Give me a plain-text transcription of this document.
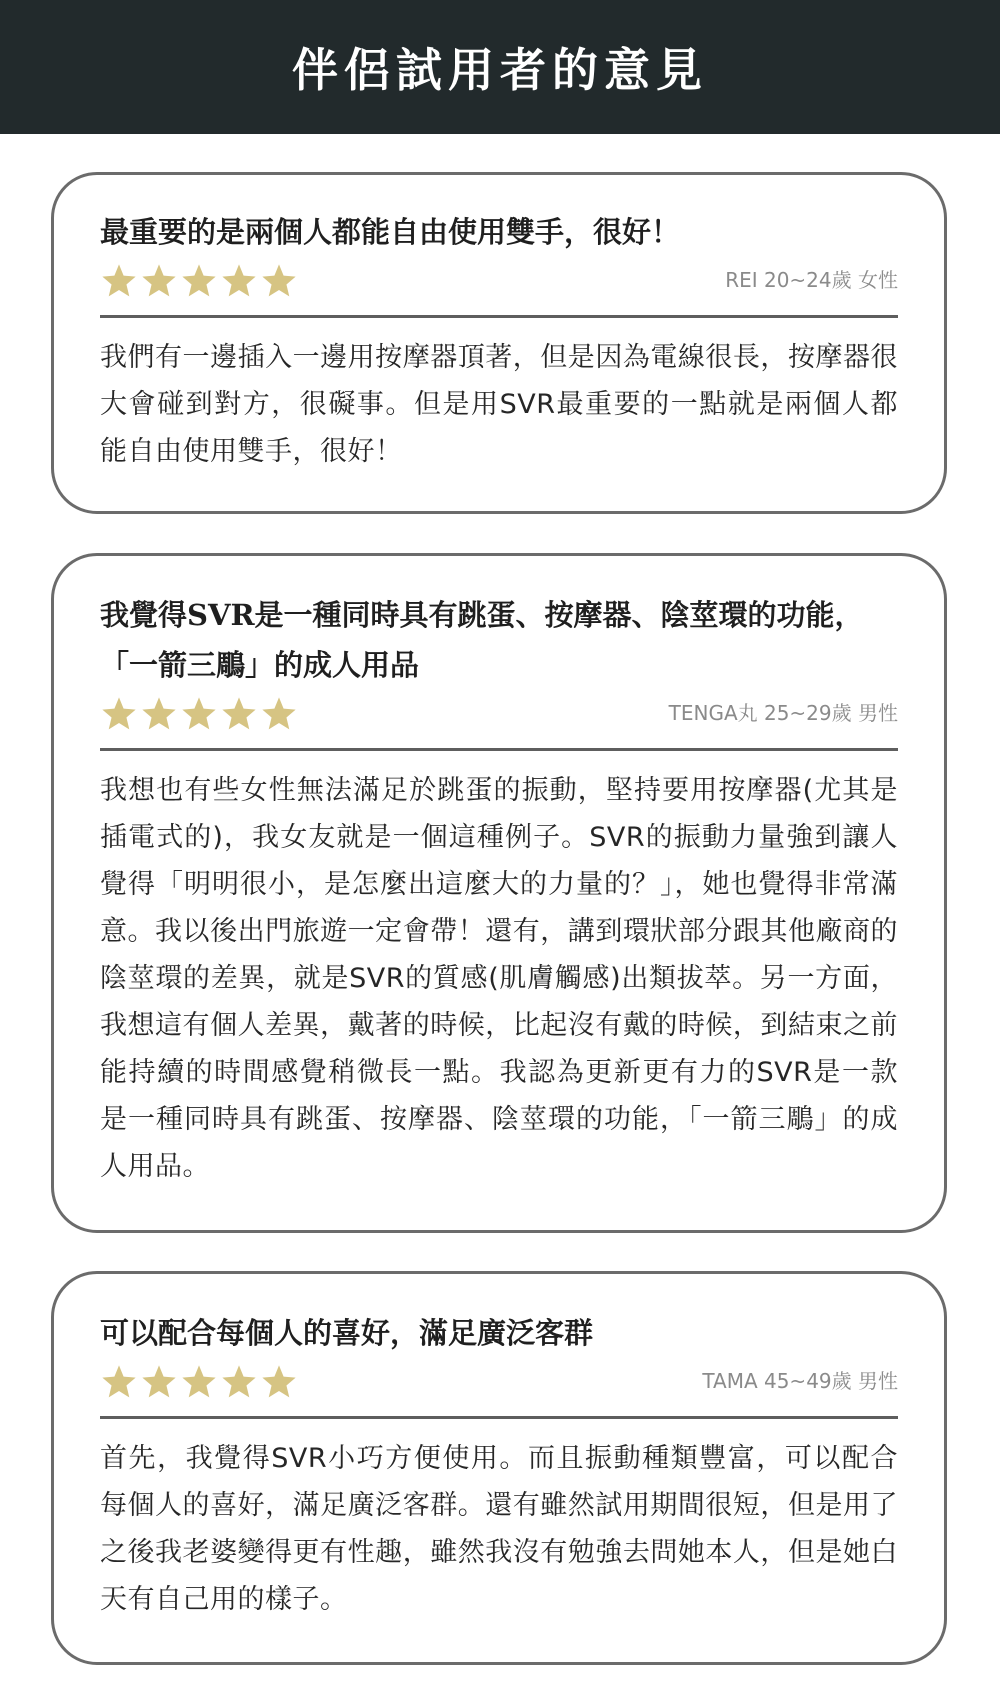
伴侶試用者的意見
最重要的是兩個人都能自由使用雙手，很好！
REI 20~24歲 女性

我們有一邊插入一邊用按摩器頂著，但是因為電線很長，按摩器很大會碰到對方，很礙事。但是用SVR最重要的一點就是兩個人都能自由使用雙手，很好！

我覺得SVR是一種同時具有跳蛋、按摩器、陰莖環的功能，「一箭三鵰」的成人用品
TENGA丸 25~29歲 男性

我想也有些女性無法滿足於跳蛋的振動，堅持要用按摩器(尤其是插電式的)，我女友就是一個這種例子。SVR的振動力量強到讓人覺得「明明很小，是怎麼出這麼大的力量的？」，她也覺得非常滿意。我以後出門旅遊一定會帶！還有，講到環狀部分跟其他廠商的陰莖環的差異，就是SVR的質感(肌膚觸感)出類拔萃。另一方面，我想這有個人差異，戴著的時候，比起沒有戴的時候，到結束之前能持續的時間感覺稍微長一點。我認為更新更有力的SVR是一款是一種同時具有跳蛋、按摩器、陰莖環的功能，「一箭三鵰」的成人用品。

可以配合每個人的喜好，滿足廣泛客群
TAMA 45~49歲 男性

首先，我覺得SVR小巧方便使用。而且振動種類豐富，可以配合每個人的喜好，滿足廣泛客群。還有雖然試用期間很短，但是用了之後我老婆變得更有性趣，雖然我沒有勉強去問她本人，但是她白天有自己用的樣子。
